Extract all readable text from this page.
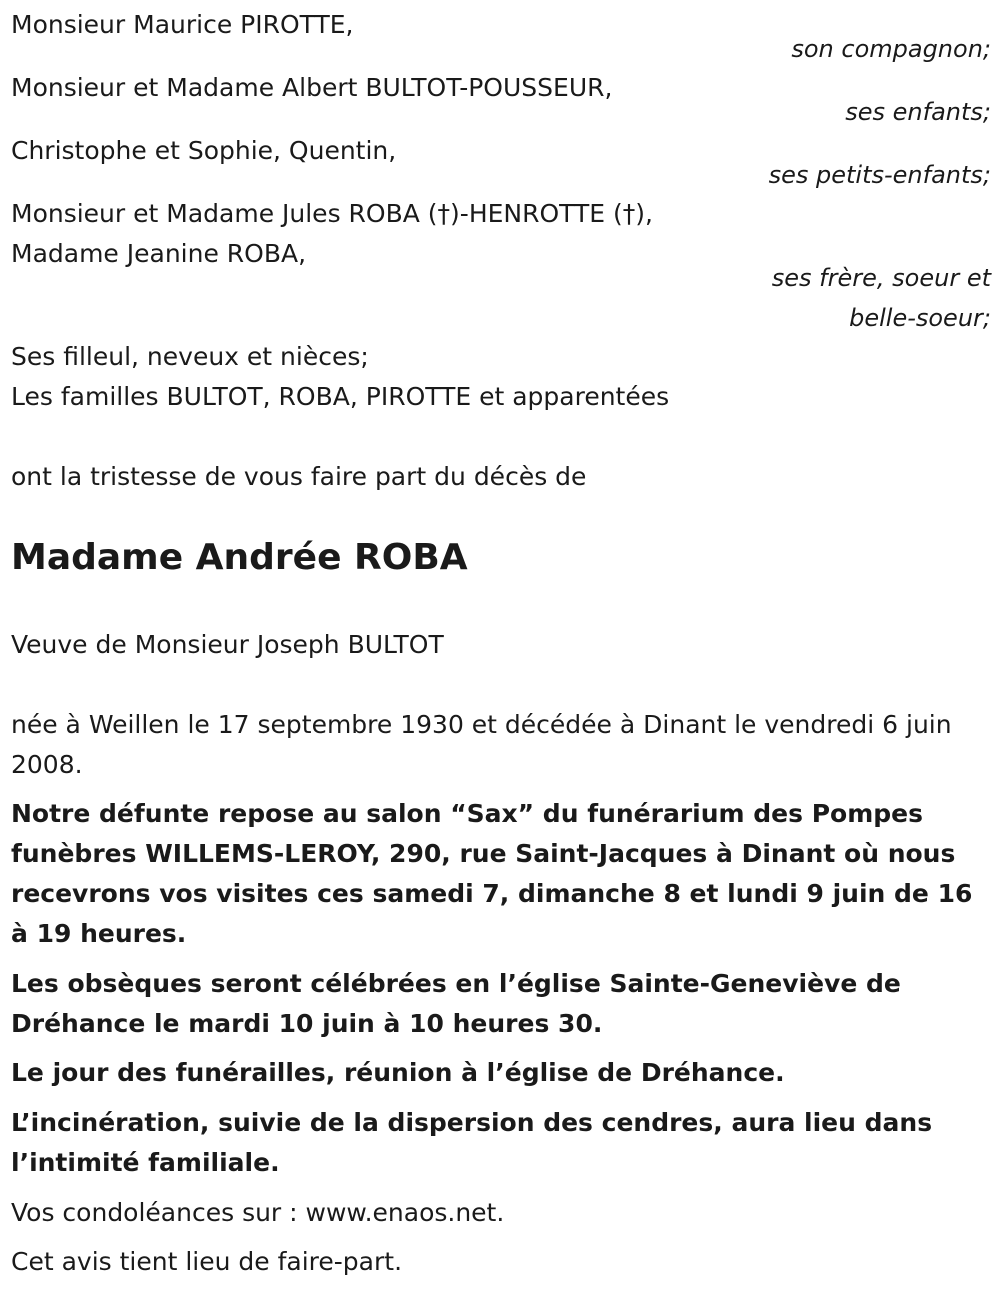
Monsieur Maurice PIROTTE,
son compagnon;
Monsieur et Madame Albert BULTOT-POUSSEUR,
ses enfants;
Christophe et Sophie, Quentin,
ses petits-enfants;
Monsieur et Madame Jules ROBA (†)-HENROTTE (†),
Madame Jeanine ROBA,
ses frère, soeur et
belle-soeur;
Ses filleul, neveux et nièces;
Les familles BULTOT, ROBA, PIROTTE et apparentées
ont la tristesse de vous faire part du décès de
Madame Andrée ROBA
Veuve de Monsieur Joseph BULTOT
née à Weillen le 17 septembre 1930 et décédée à Dinant le vendredi 6 juin 2008.
Notre défunte repose au salon “Sax” du funérarium des Pompes funèbres WILLEMS-LEROY, 290, rue Saint-Jacques à Dinant où nous recevrons vos visites ces samedi 7, dimanche 8 et lundi 9 juin de 16 à 19 heures.
Les obsèques seront célébrées en l’église Sainte-Geneviève de Dréhance le mardi 10 juin à 10 heures 30.
Le jour des funérailles, réunion à l’église de Dréhance.
L’incinération, suivie de la dispersion des cendres, aura lieu dans l’intimité familiale.
Vos condoléances sur : www.enaos.net.
Cet avis tient lieu de faire-part.
